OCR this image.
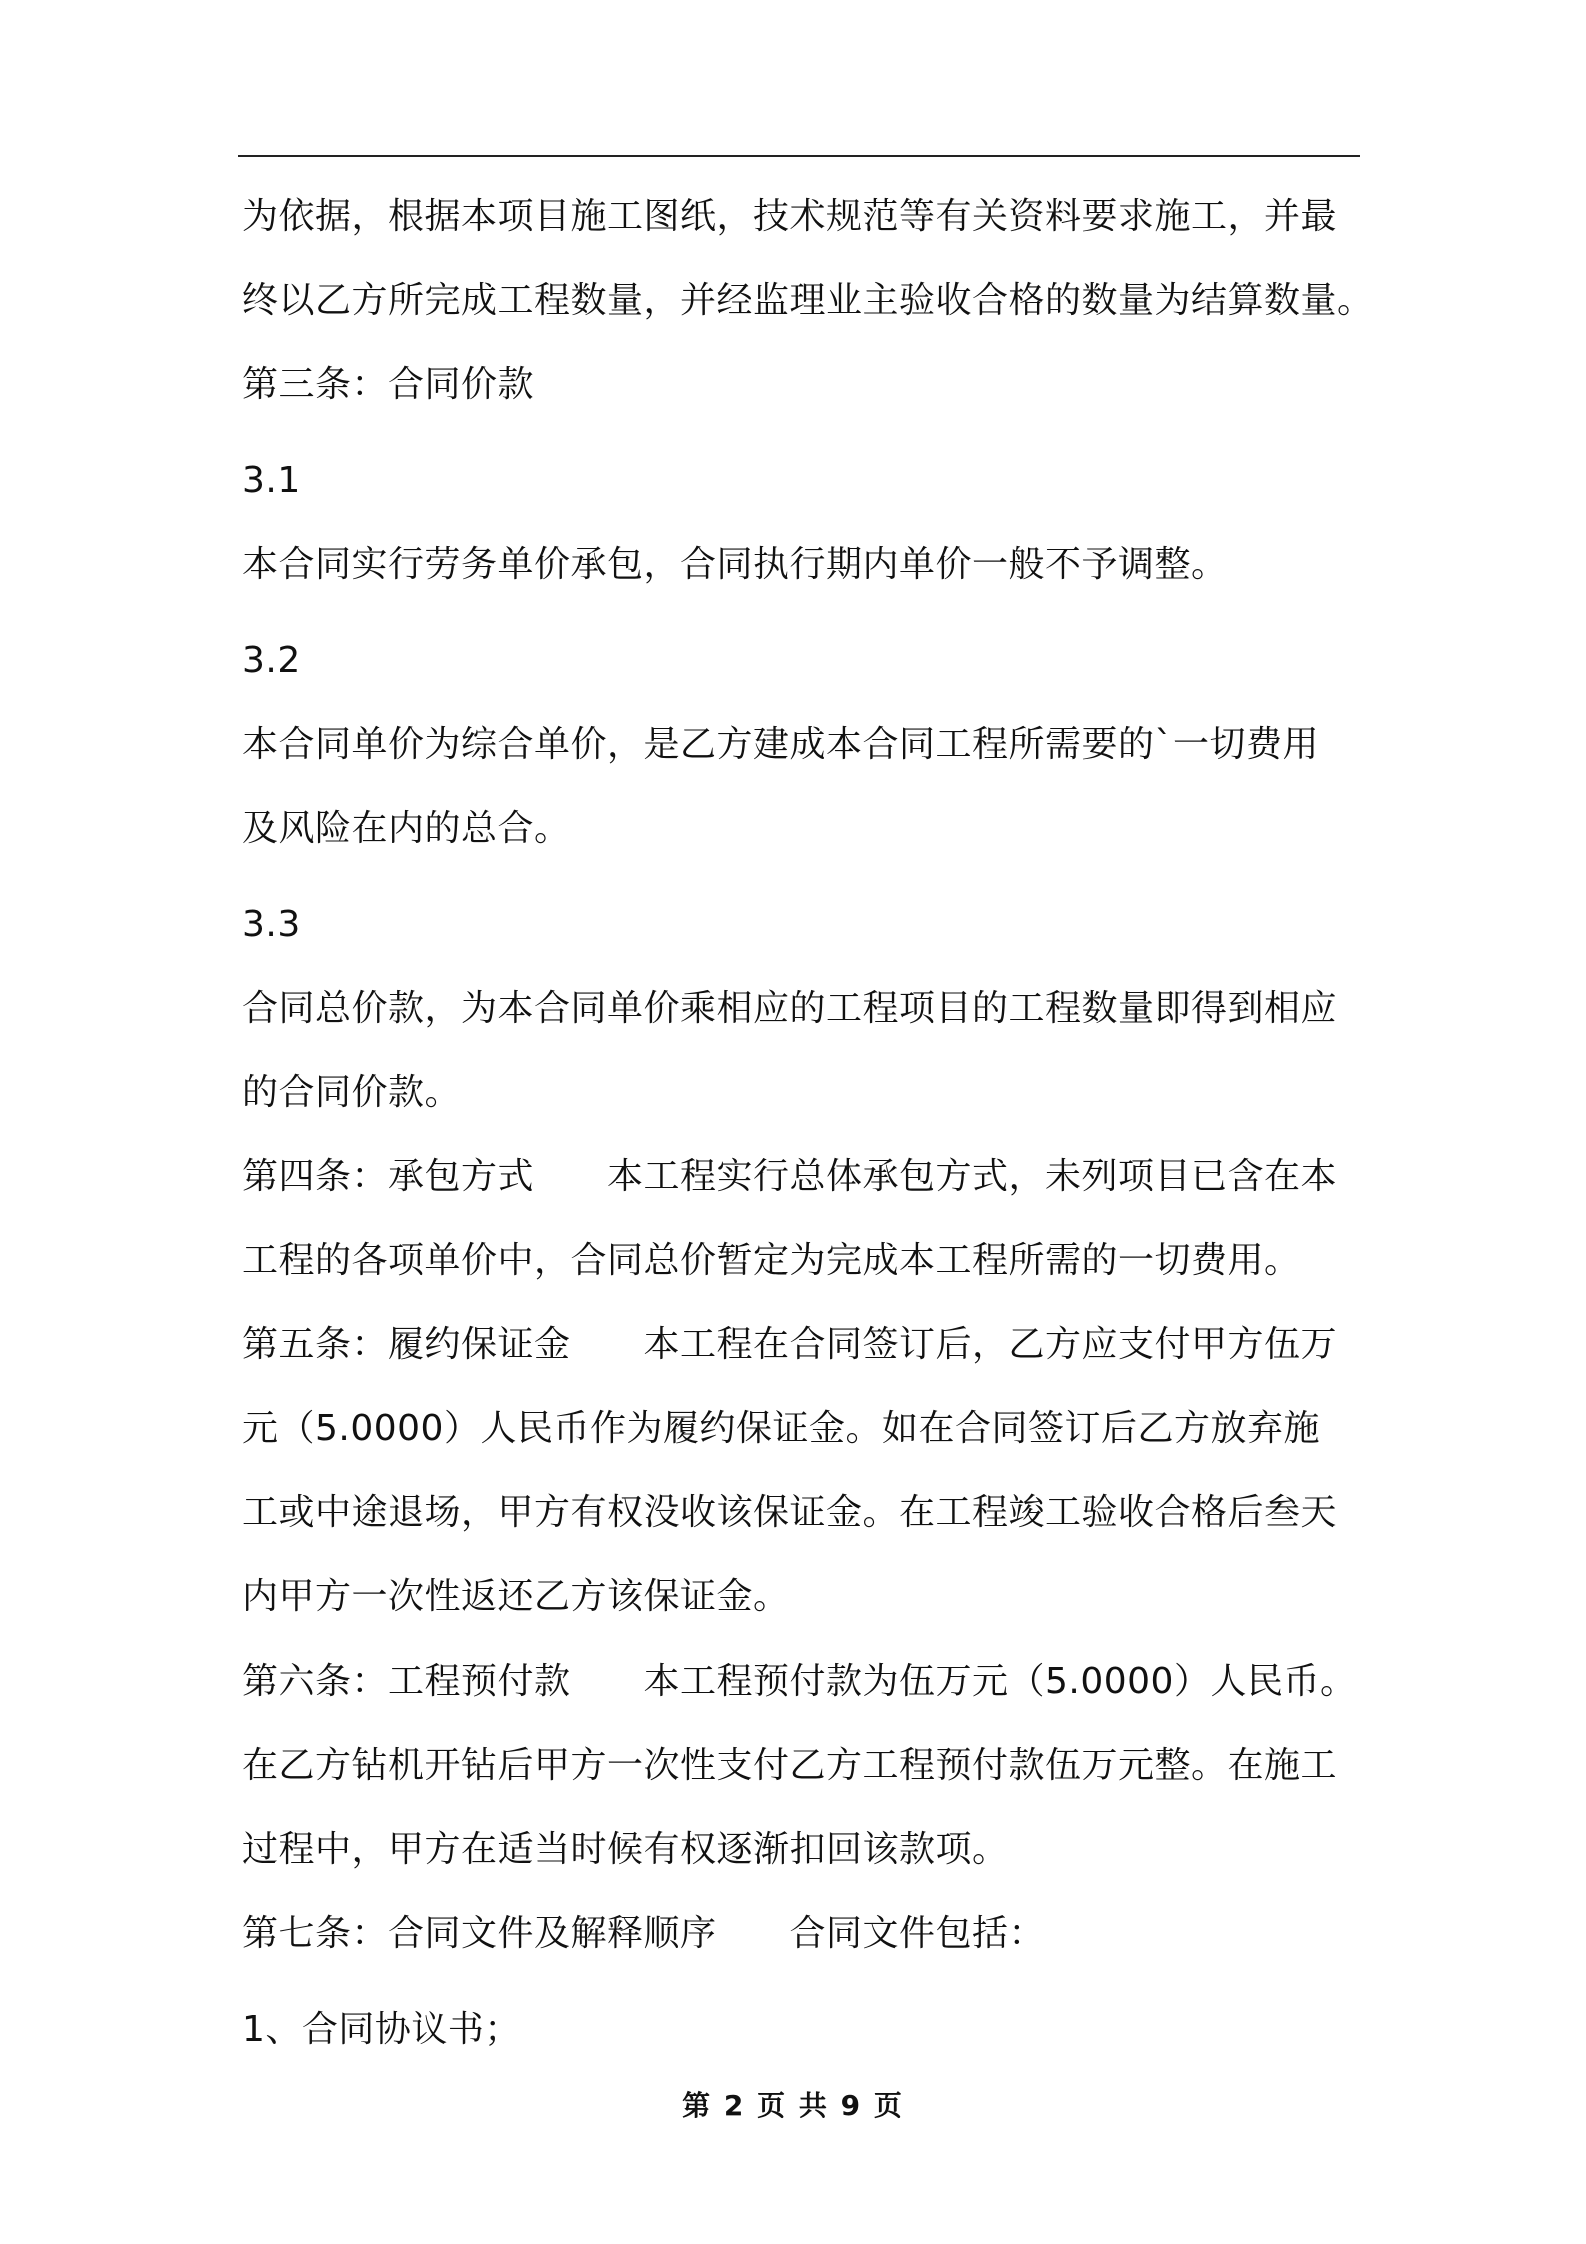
为依据，根据本项目施工图纸，技术规范等有关资料要求施工，并最

终以乙方所完成工程数量，并经监理业主验收合格的数量为结算数量。

第三条：合同价款

3.1

本合同实行劳务单价承包，合同执行期内单价一般不予调整。

3.2

本合同单价为综合单价，是乙方建成本合同工程所需要的`一切费用

及风险在内的总合。

3.3

合同总价款，为本合同单价乘相应的工程项目的工程数量即得到相应

的合同价款。

第四条：承包方式　　本工程实行总体承包方式，未列项目已含在本

工程的各项单价中，合同总价暂定为完成本工程所需的一切费用。

第五条：履约保证金　　本工程在合同签订后，乙方应支付甲方伍万

元（5.0000）人民币作为履约保证金。如在合同签订后乙方放弃施

工或中途退场，甲方有权没收该保证金。在工程竣工验收合格后叁天

内甲方一次性返还乙方该保证金。

第六条：工程预付款　　本工程预付款为伍万元（5.0000）人民币。

在乙方钻机开钻后甲方一次性支付乙方工程预付款伍万元整。在施工

过程中，甲方在适当时候有权逐渐扣回该款项。

第七条：合同文件及解释顺序　　合同文件包括：

1、合同协议书；

第 2 页 共 9 页
